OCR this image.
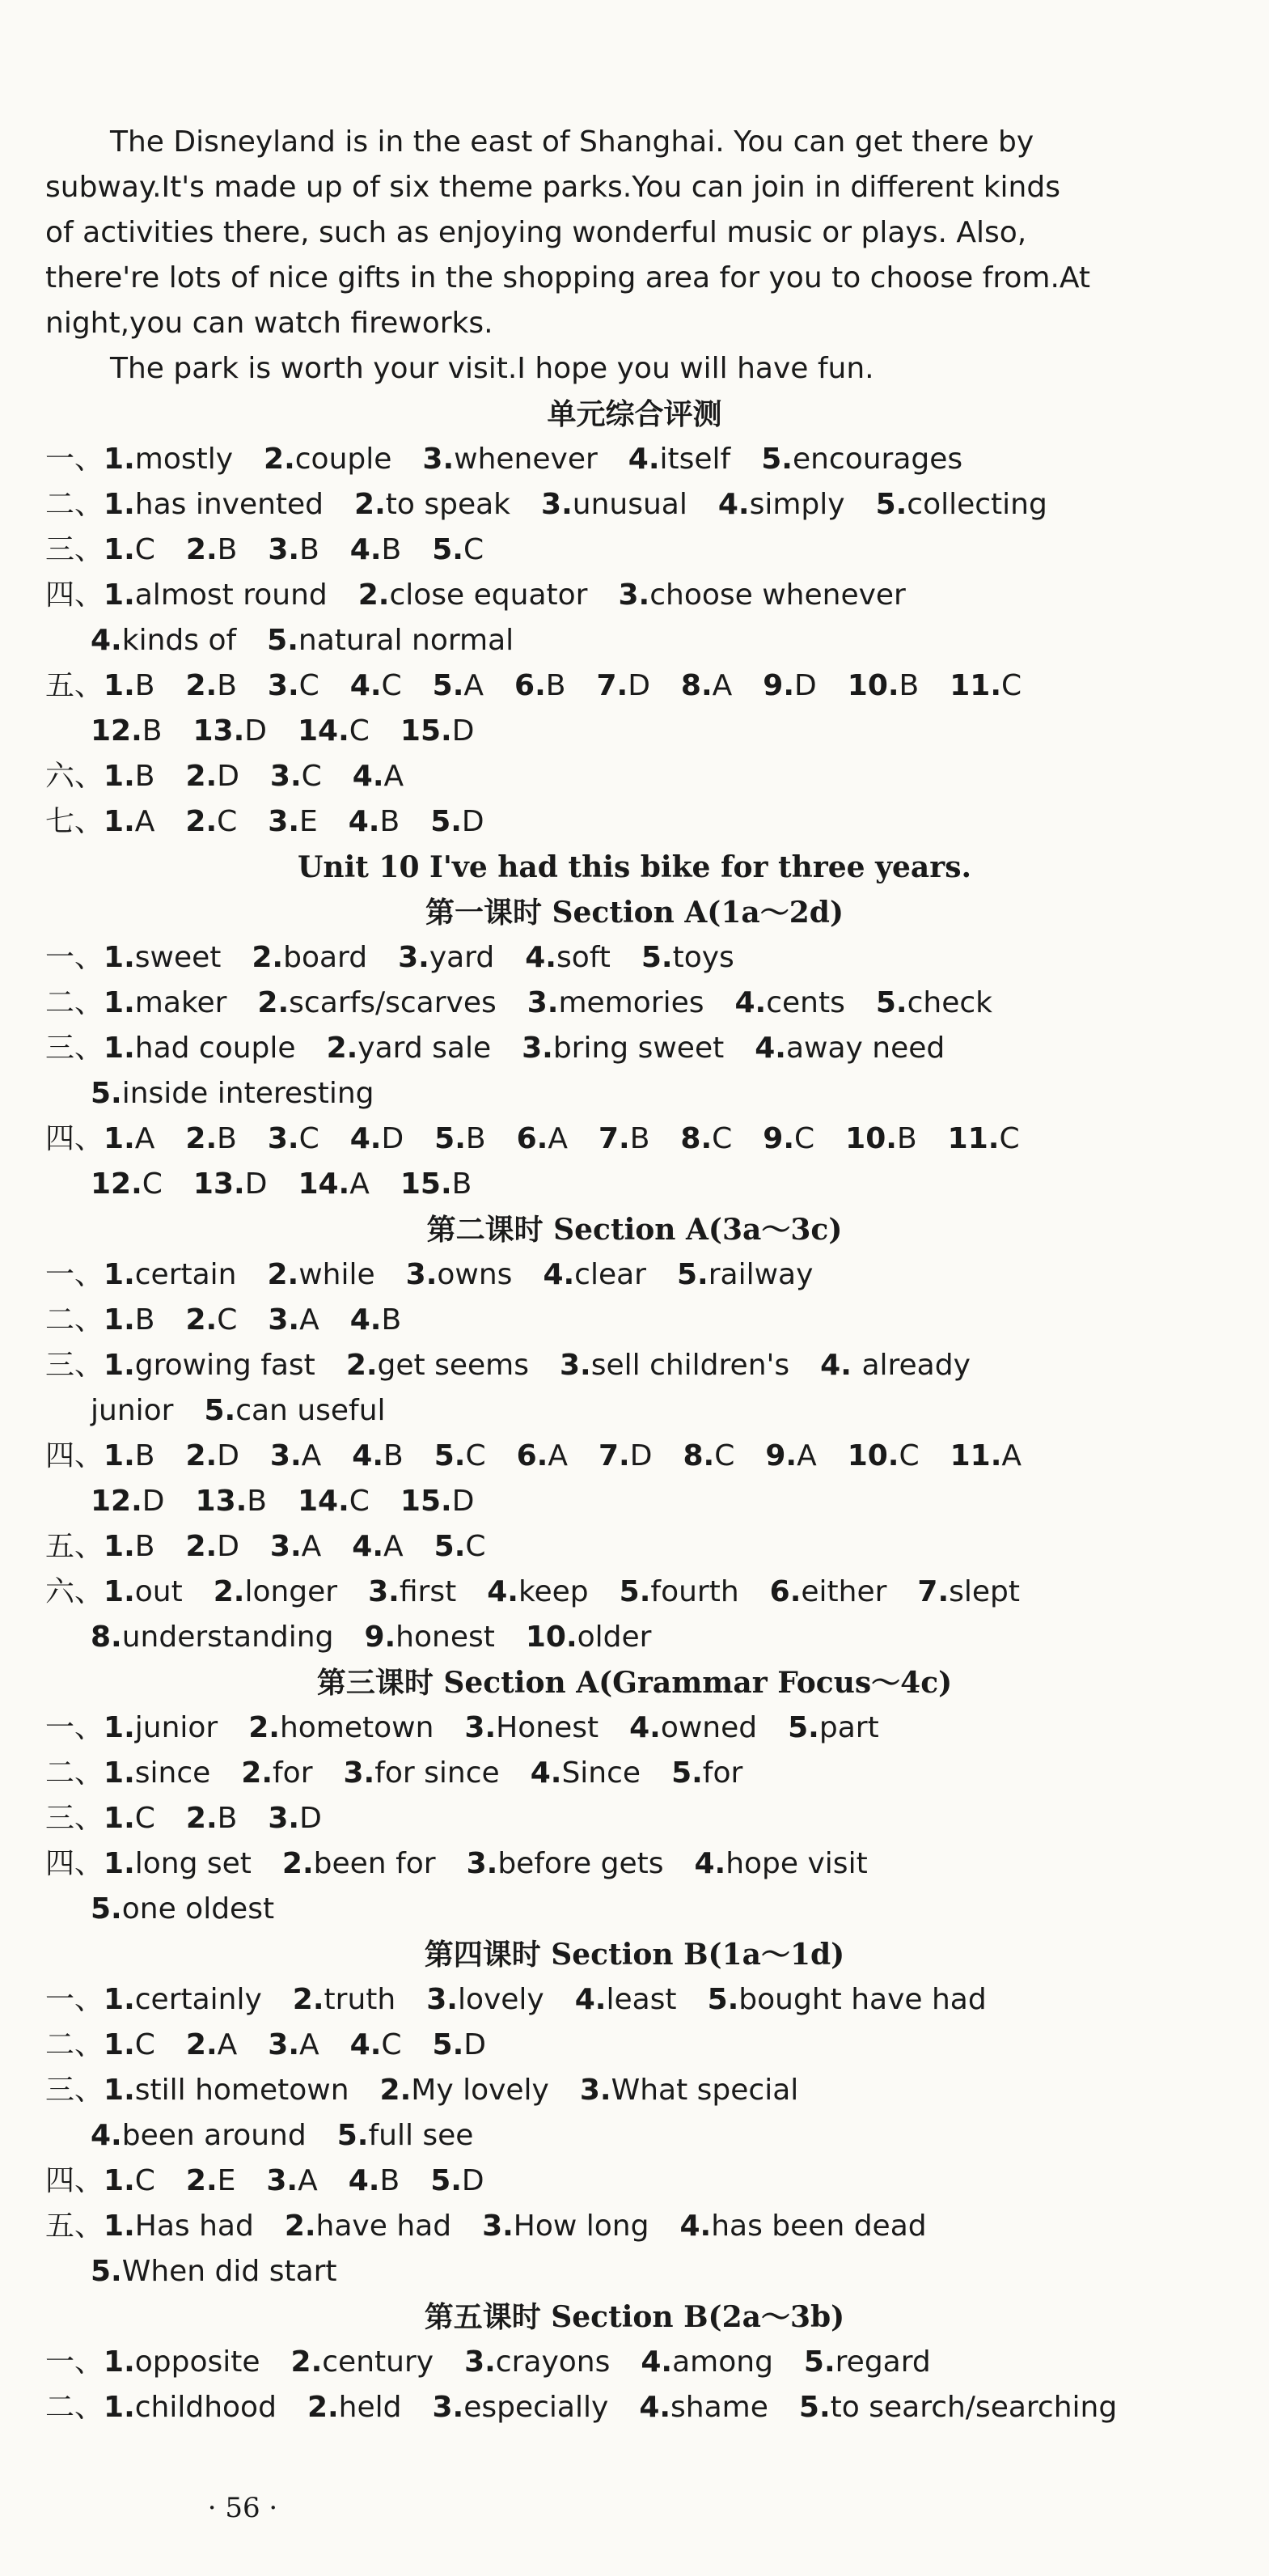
The Disneyland is in the east of Shanghai. You can get there by
subway.It's made up of six theme parks.You can join in different kinds
of activities there, such as enjoying wonderful music or plays. Also,
there're lots of nice gifts in the shopping area for you to choose from.At
night,you can watch fireworks.
The park is worth your visit.I hope you will have fun.
单元综合评测
一、1.mostly 2.couple 3.whenever 4.itself 5.encourages
二、1.has invented 2.to speak 3.unusual 4.simply 5.collecting
三、1.C 2.B 3.B 4.B 5.C
四、1.almost round 2.close equator 3.choose whenever
4.kinds of 5.natural normal
五、1.B 2.B 3.C 4.C 5.A 6.B 7.D 8.A 9.D 10.B 11.C
12.B 13.D 14.C 15.D
六、1.B 2.D 3.C 4.A
七、1.A 2.C 3.E 4.B 5.D
Unit 10 I've had this bike for three years.
第一课时 Section A(1a～2d)
一、1.sweet 2.board 3.yard 4.soft 5.toys
二、1.maker 2.scarfs/scarves 3.memories 4.cents 5.check
三、1.had couple 2.yard sale 3.bring sweet 4.away need
5.inside interesting
四、1.A 2.B 3.C 4.D 5.B 6.A 7.B 8.C 9.C 10.B 11.C
12.C 13.D 14.A 15.B
第二课时 Section A(3a～3c)
一、1.certain 2.while 3.owns 4.clear 5.railway
二、1.B 2.C 3.A 4.B
三、1.growing fast 2.get seems 3.sell children's 4. already
junior 5.can useful
四、1.B 2.D 3.A 4.B 5.C 6.A 7.D 8.C 9.A 10.C 11.A
12.D 13.B 14.C 15.D
五、1.B 2.D 3.A 4.A 5.C
六、1.out 2.longer 3.first 4.keep 5.fourth 6.either 7.slept
8.understanding 9.honest 10.older
第三课时 Section A(Grammar Focus～4c)
一、1.junior 2.hometown 3.Honest 4.owned 5.part
二、1.since 2.for 3.for since 4.Since 5.for
三、1.C 2.B 3.D
四、1.long set 2.been for 3.before gets 4.hope visit
5.one oldest
第四课时 Section B(1a～1d)
一、1.certainly 2.truth 3.lovely 4.least 5.bought have had
二、1.C 2.A 3.A 4.C 5.D
三、1.still hometown 2.My lovely 3.What special
4.been around 5.full see
四、1.C 2.E 3.A 4.B 5.D
五、1.Has had 2.have had 3.How long 4.has been dead
5.When did start
第五课时 Section B(2a～3b)
一、1.opposite 2.century 3.crayons 4.among 5.regard
二、1.childhood 2.held 3.especially 4.shame 5.to search/searching
· 56 ·
